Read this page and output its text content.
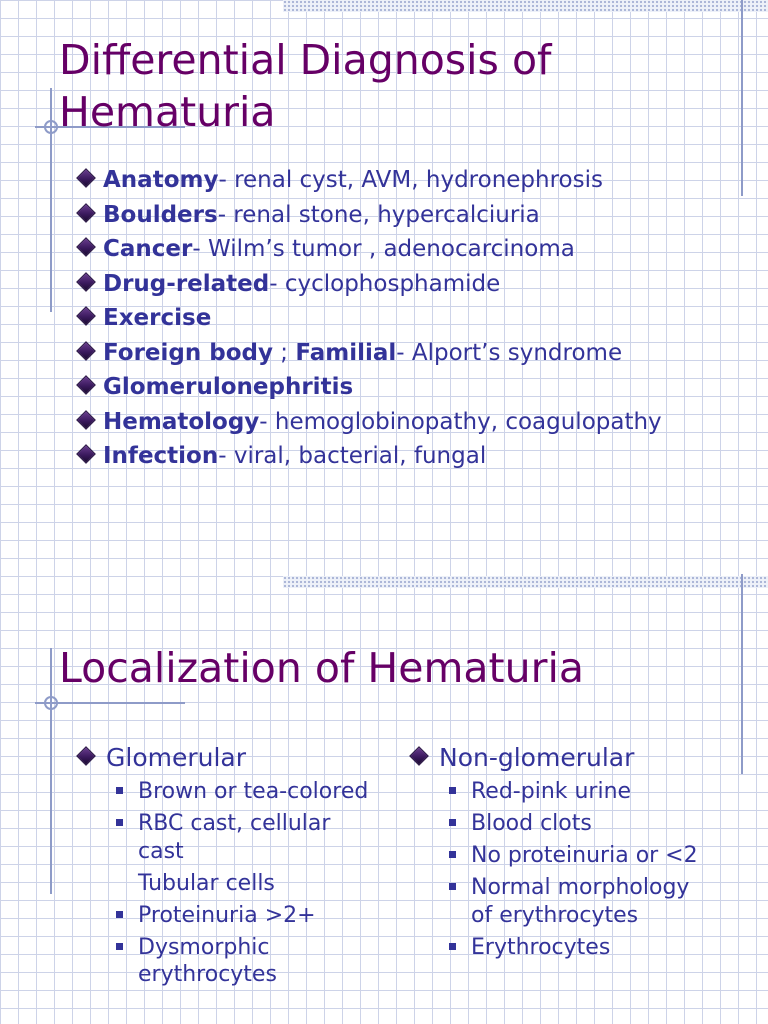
Differential Diagnosis of Hematuria
Anatomy- renal cyst, AVM, hydronephrosis
Boulders- renal stone, hypercalciuria
Cancer- Wilm’s tumor , adenocarcinoma
Drug-related- cyclophosphamide
Exercise
Foreign body ; Familial- Alport’s syndrome
Glomerulonephritis
Hematology- hemoglobinopathy, coagulopathy
Infection- viral, bacterial, fungal
Localization of Hematuria
Glomerular
Brown or tea-colored
RBC cast, cellular cast
Tubular cells
Proteinuria >2+
Dysmorphic erythrocytes
Non-glomerular
Red-pink urine
Blood clots
No proteinuria or <2
Normal morphology of erythrocytes
Erythrocytes
